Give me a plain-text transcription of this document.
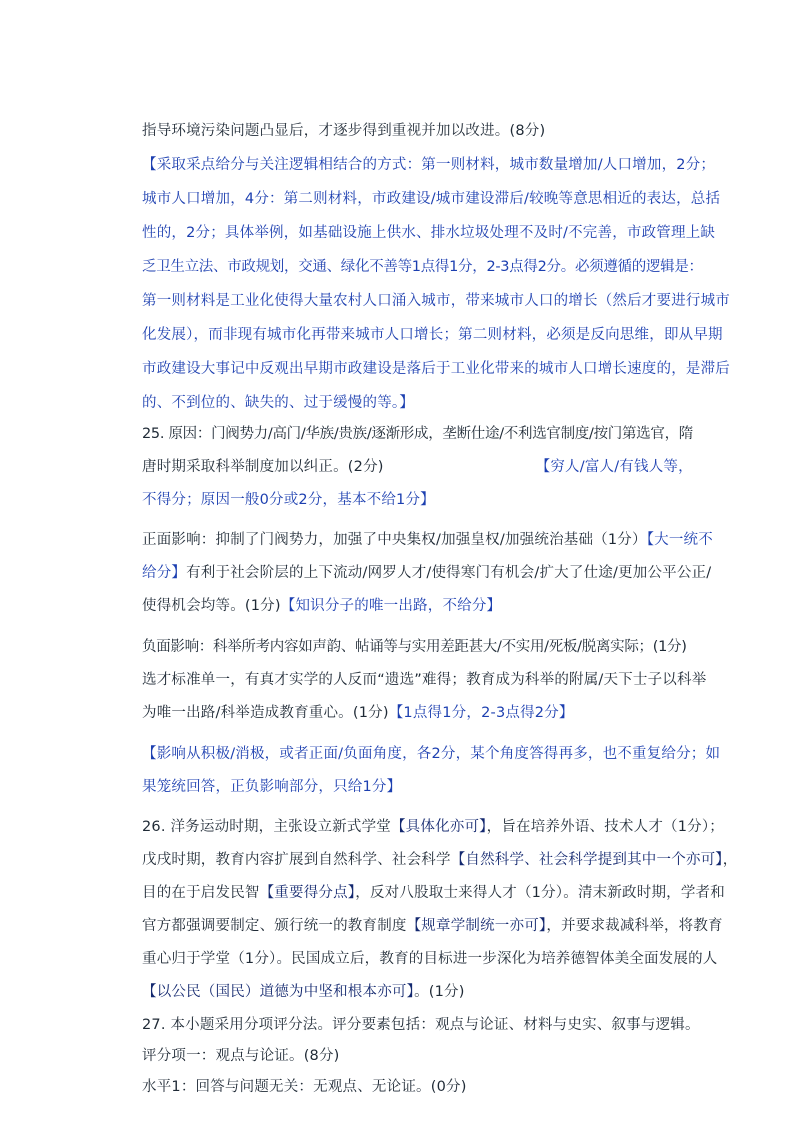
指导环境污染问题凸显后，才逐步得到重视并加以改进。(8分)
【采取采点给分与关注逻辑相结合的方式：第一则材料，城市数量增加/人口增加，2分；
城市人口增加，4分：第二则材料，市政建设/城市建设滞后/较晚等意思相近的表达，总括
性的，2分；具体举例，如基础设施上供水、排水垃圾处理不及时/不完善，市政管理上缺
乏卫生立法、市政规划，交通、绿化不善等1点得1分，2-3点得2分。必须遵循的逻辑是：
第一则材料是工业化使得大量农村人口涌入城市，带来城市人口的增长（然后才要进行城市
化发展），而非现有城市化再带来城市人口增长；第二则材料，必须是反向思维，即从早期
市政建设大事记中反观出早期市政建设是落后于工业化带来的城市人口增长速度的，是滞后
的、不到位的、缺失的、过于缓慢的等。】
25. 原因：门阀势力/高门/华族/贵族/逐渐形成，垄断仕途/不利选官制度/按门第选官，隋
唐时期采取科举制度加以纠正。(2分)	【穷人/富人/有钱人等，
不得分；原因一般0分或2分，基本不给1分】
正面影响：抑制了门阀势力，加强了中央集权/加强皇权/加强统治基础（1分）【大一统不
给分】有利于社会阶层的上下流动/网罗人才/使得寒门有机会/扩大了仕途/更加公平公正/
使得机会均等。(1分)【知识分子的唯一出路，不给分】
负面影响：科举所考内容如声韵、帖诵等与实用差距甚大/不实用/死板/脱离实际；(1分)
选才标准单一，有真才实学的人反而“遗选”难得；教育成为科举的附属/天下士子以科举
为唯一出路/科举造成教育重心。(1分)【1点得1分，2-3点得2分】
【影响从积极/消极，或者正面/负面角度，各2分，某个角度答得再多，也不重复给分；如
果笼统回答，正负影响部分，只给1分】
26. 洋务运动时期，主张设立新式学堂【具体化亦可】，旨在培养外语、技术人才（1分）；
戊戌时期，教育内容扩展到自然科学、社会科学【自然科学、社会科学提到其中一个亦可】，
目的在于启发民智【重要得分点】，反对八股取士来得人才（1分）。清末新政时期，学者和
官方都强调要制定、颁行统一的教育制度【规章学制统一亦可】，并要求裁减科举，将教育
重心归于学堂（1分）。民国成立后，教育的目标进一步深化为培养德智体美全面发展的人
【以公民（国民）道德为中坚和根本亦可】。(1分)
27. 本小题采用分项评分法。评分要素包括：观点与论证、材料与史实、叙事与逻辑。
评分项一：观点与论证。(8分)
水平1：回答与问题无关：无观点、无论证。(0分)
